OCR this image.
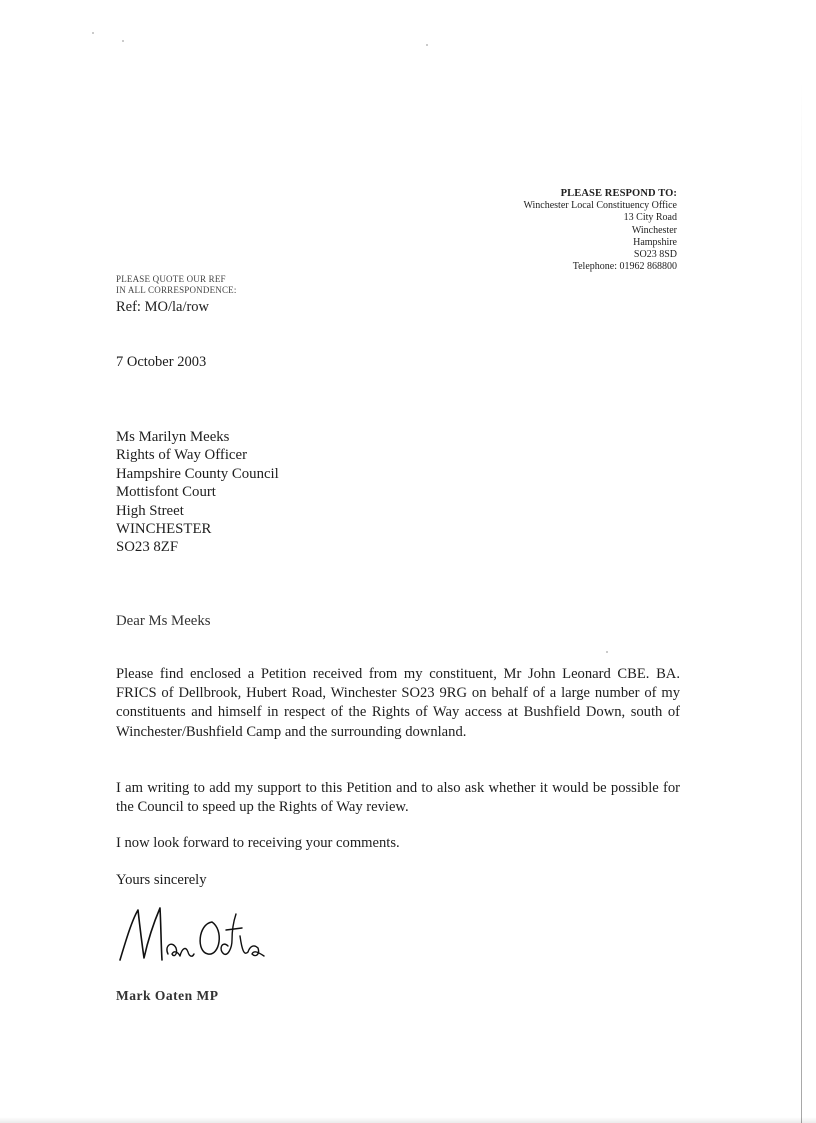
PLEASE RESPOND TO:
Winchester Local Constituency Office
13 City Road
Winchester
Hampshire
SO23 8SD
Telephone: 01962 868800
PLEASE QUOTE OUR REF
IN ALL CORRESPONDENCE:
Ref: MO/la/row
7 October 2003
Ms Marilyn Meeks
Rights of Way Officer
Hampshire County Council
Mottisfont Court
High Street
WINCHESTER
SO23 8ZF
Dear Ms Meeks
Please find enclosed a Petition received from my constituent, Mr John Leonard CBE. BA. FRICS of Dellbrook, Hubert Road, Winchester SO23 9RG on behalf of a large number of my constituents and himself in respect of the Rights of Way access at Bushfield Down, south of Winchester/Bushfield Camp and the surrounding downland.
I am writing to add my support to this Petition and to also ask whether it would be possible for the Council to speed up the Rights of Way review.
I now look forward to receiving your comments.
Yours sincerely
Mark Oaten MP
